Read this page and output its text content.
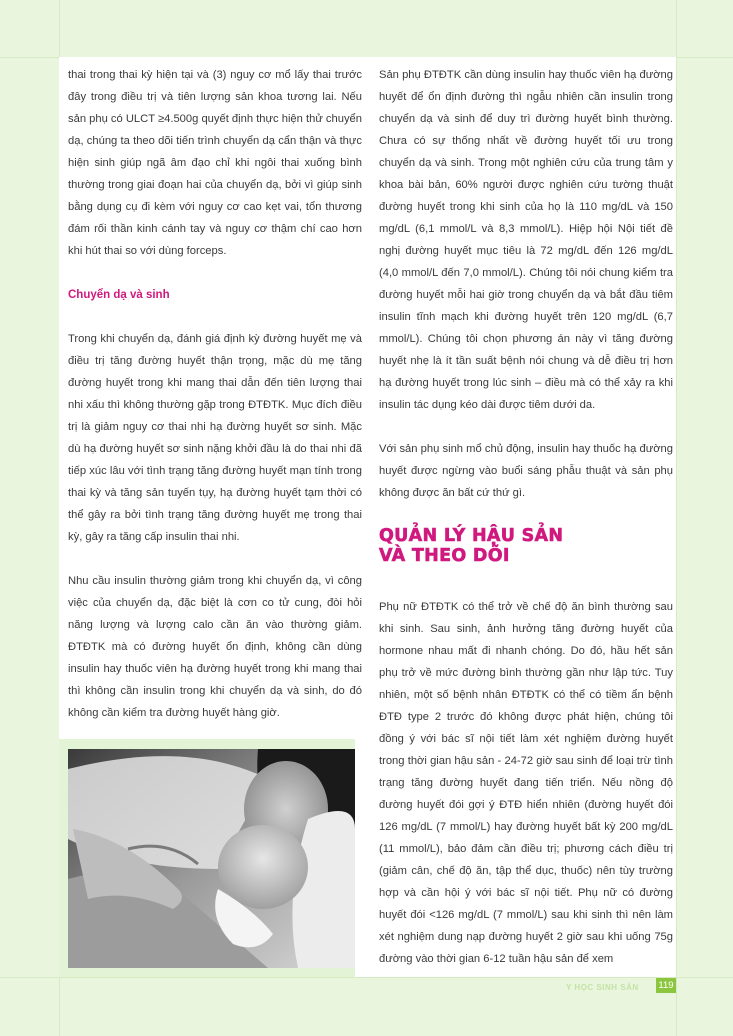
thai trong thai kỳ hiện tại và (3) nguy cơ mổ lấy thai trước đây trong điều trị và tiên lượng sản khoa tương lai. Nếu sản phụ có ULCT ≥4.500g quyết định thực hiện thử chuyển dạ, chúng ta theo dõi tiến trình chuyển dạ cẩn thận và thực hiện sinh giúp ngã âm đạo chỉ khi ngôi thai xuống bình thường trong giai đoạn hai của chuyển dạ, bởi vì giúp sinh bằng dụng cụ đi kèm với nguy cơ cao kẹt vai, tổn thương đám rối thần kinh cánh tay và nguy cơ thậm chí cao hơn khi hút thai so với dùng forceps.

Chuyển dạ và sinh

Trong khi chuyển dạ, đánh giá định kỳ đường huyết mẹ và điều trị tăng đường huyết thận trọng, mặc dù mẹ tăng đường huyết trong khi mang thai dẫn đến tiên lượng thai nhi xấu thì không thường gặp trong ĐTĐTK. Mục đích điều trị là giảm nguy cơ thai nhi hạ đường huyết sơ sinh. Mặc dù hạ đường huyết sơ sinh nặng khởi đầu là do thai nhi đã tiếp xúc lâu với tình trạng tăng đường huyết mạn tính trong thai kỳ và tăng sản tuyến tụy, hạ đường huyết tạm thời có thể gây ra bởi tình trạng tăng đường huyết mẹ trong thai kỳ, gây ra tăng cấp insulin thai nhi.

Nhu cầu insulin thường giảm trong khi chuyển dạ, vì công việc của chuyển dạ, đặc biệt là cơn co tử cung, đòi hỏi năng lượng và lượng calo cần ăn vào thường giảm. ĐTĐTK mà có đường huyết ổn định, không cần dùng insulin hay thuốc viên hạ đường huyết trong khi mang thai thì không cần insulin trong khi chuyển dạ và sinh, do đó không cần kiểm tra đường huyết hàng giờ.

Sản phụ ĐTĐTK cần dùng insulin hay thuốc viên hạ đường huyết để ổn định đường thì ngẫu nhiên cần insulin trong chuyển dạ và sinh để duy trì đường huyết bình thường. Chưa có sự thống nhất về đường huyết tối ưu trong chuyển dạ và sinh. Trong một nghiên cứu của trung tâm y khoa bài bản, 60% người được nghiên cứu tường thuật đường huyết trong khi sinh của họ là 110 mg/dL và 150 mg/dL (6,1 mmol/L và 8,3 mmol/L). Hiệp hội Nội tiết đề nghị đường huyết mục tiêu là 72 mg/dL đến 126 mg/dL (4,0 mmol/L đến 7,0 mmol/L). Chúng tôi nói chung kiểm tra đường huyết mỗi hai giờ trong chuyển dạ và bắt đầu tiêm insulin tĩnh mạch khi đường huyết trên 120 mg/dL (6,7 mmol/L). Chúng tôi chọn phương án này vì tăng đường huyết nhẹ là ít tần suất bệnh nói chung và dễ điều trị hơn hạ đường huyết trong lúc sinh – điều mà có thể xảy ra khi insulin tác dụng kéo dài được tiêm dưới da.

Với sản phụ sinh mổ chủ động, insulin hay thuốc hạ đường huyết được ngừng vào buổi sáng phẫu thuật và sản phụ không được ăn bất cứ thứ gì.

QUẢN LÝ HẬU SẢN
VÀ THEO DÕI

Phụ nữ ĐTĐTK có thể trở về chế độ ăn bình thường sau khi sinh. Sau sinh, ảnh hưởng tăng đường huyết của hormone nhau mất đi nhanh chóng. Do đó, hầu hết sản phụ trở về mức đường bình thường gần như lập tức. Tuy nhiên, một số bệnh nhân ĐTĐTK có thể có tiềm ẩn bệnh ĐTĐ type 2 trước đó không được phát hiện, chúng tôi đồng ý với bác sĩ nội tiết làm xét nghiệm đường huyết trong thời gian hậu sản - 24-72 giờ sau sinh để loại trừ tình trạng tăng đường huyết đang tiến triển. Nếu nồng độ đường huyết đói gợi ý ĐTĐ hiển nhiên (đường huyết đói 126 mg/dL (7 mmol/L) hay đường huyết bất kỳ 200 mg/dL (11 mmol/L), bảo đảm cần điều trị; phương cách điều trị (giảm cân, chế độ ăn, tập thể dục, thuốc) nên tùy trường hợp và cần hội ý với bác sĩ nội tiết. Phụ nữ có đường huyết đói <126 mg/dL (7 mmol/L) sau khi sinh thì nên làm xét nghiệm dung nạp đường huyết 2 giờ sau khi uống 75g đường vào thời gian 6-12 tuần hậu sản để xem

Y HỌC SINH SẢN 119
